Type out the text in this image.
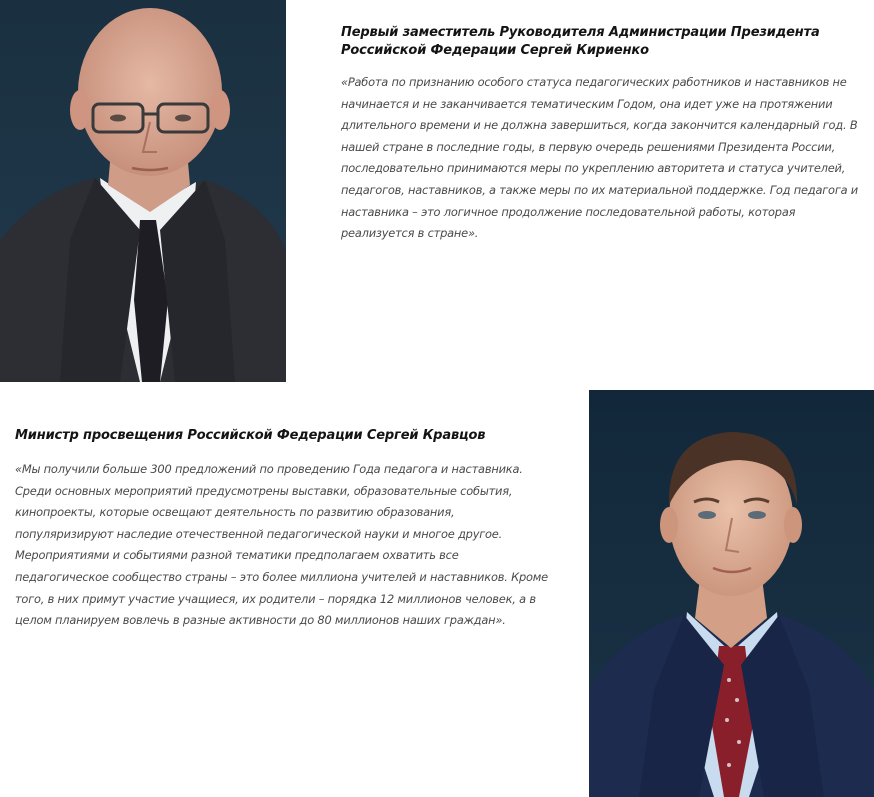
Первый заместитель Руководителя Администрации Президента Российской Федерации Сергей Кириенко

«Работа по признанию особого статуса педагогических работников и наставников не начинается и не заканчивается тематическим Годом, она идет уже на протяжении длительного времени и не должна завершиться, когда закончится календарный год. В нашей стране в последние годы, в первую очередь решениями Президента России, последовательно принимаются меры по укреплению авторитета и статуса учителей, педагогов, наставников, а также меры по их материальной поддержке. Год педагога и наставника – это логичное продолжение последовательной работы, которая реализуется в стране».

Министр просвещения Российской Федерации Сергей Кравцов

«Мы получили больше 300 предложений по проведению Года педагога и наставника. Среди основных мероприятий предусмотрены выставки, образовательные события, кинопроекты, которые освещают деятельность по развитию образования, популяризируют наследие отечественной педагогической науки и многое другое. Мероприятиями и событиями разной тематики предполагаем охватить все педагогическое сообщество страны – это более миллиона учителей и наставников. Кроме того, в них примут участие учащиеся, их родители – порядка 12 миллионов человек, а в целом планируем вовлечь в разные активности до 80 миллионов наших граждан».
